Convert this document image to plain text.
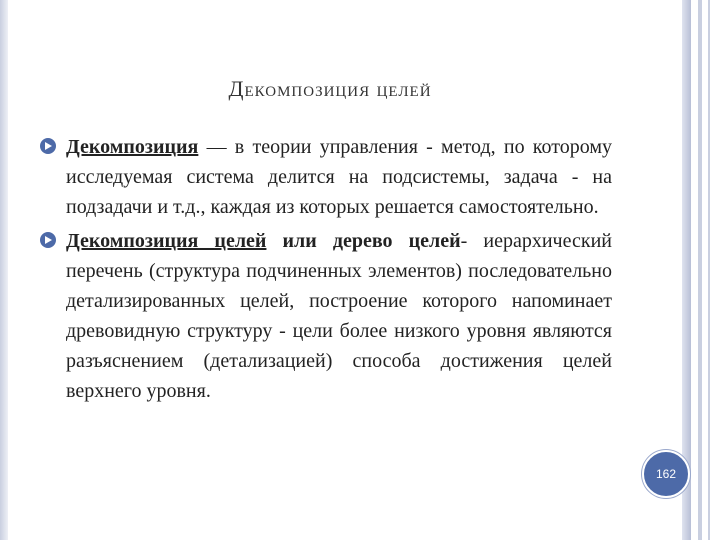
Декомпозиция целей
Декомпозиция — в теории управления - метод, по которому исследуемая система делится на подсистемы, задача - на подзадачи и т.д., каждая из которых решается самостоятельно.
Декомпозиция целей или дерево целей- иерархический перечень (структура подчиненных элементов) последовательно детализированных целей, построение которого напоминает древовидную структуру - цели более низкого уровня являются разъяснением (детализацией) способа достижения целей верхнего уровня.
162
